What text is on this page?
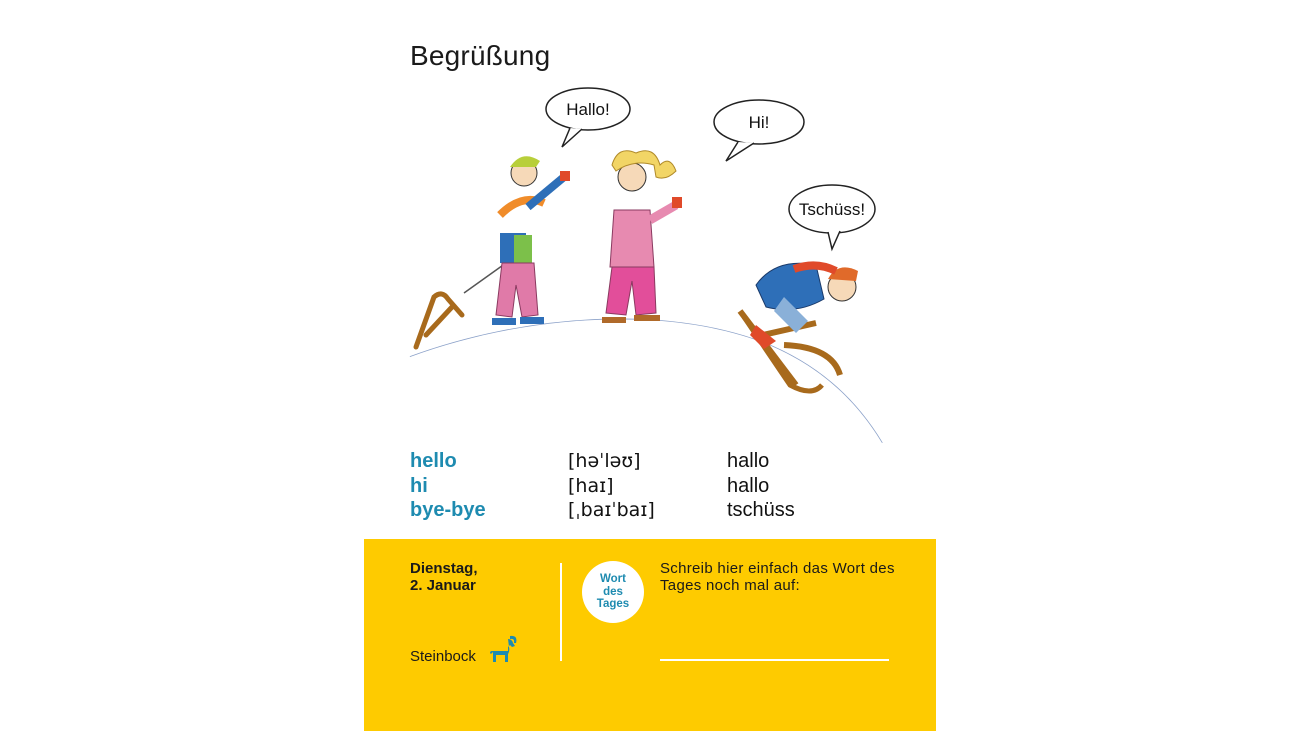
Begrüßung
Hallo!
Hi!
Tschüss!
hello	[həˈləʊ]	hallo
hi	[haɪ]	hallo
bye-bye	[ˌbaɪˈbaɪ]	tschüss
Dienstag,
2. Januar
Steinbock
Wort
des
Tages
Schreib hier einfach das Wort des Tages noch mal auf:
